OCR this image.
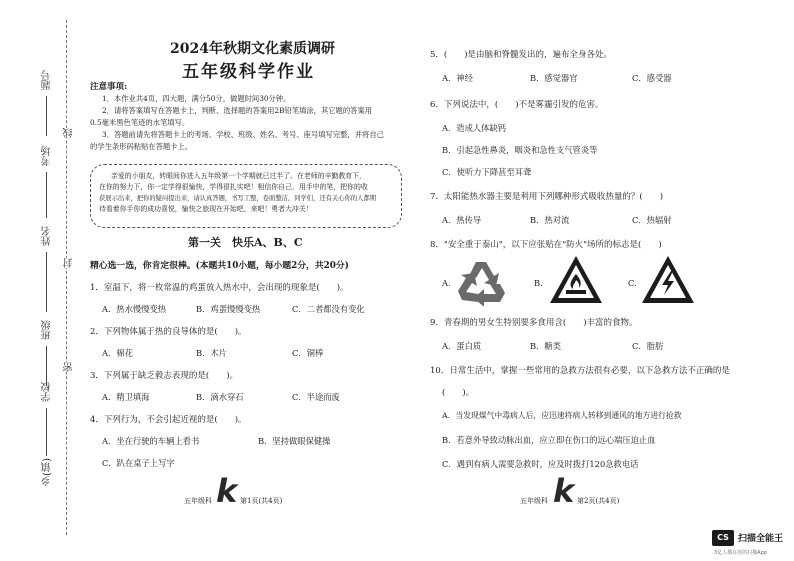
题号
考场
姓名
班级
学校
乡(镇)
线
封
密
2024年秋期文化素质调研
五年级科学作业
注意事项:
1．本作业共4页，四大题，满分50分，做题时间30分钟。
2．请将答案填写在答题卡上，判断、选择题的答案用2B铅笔填涂，其它题的答案用
0.5毫米黑色笔迹的水笔填写。
3．答题前请先将答题卡上的考场、学校、班级、姓名、考号、座号填写完整，并将自己
的学生条形码粘贴在答题卡上。
亲爱的小朋友，转眼间你进入五年级第一个学期就已过半了。在老师的辛勤教育下，
在你的努力下，你一定学得很愉快，学得很扎实吧！相信你自己，用手中的笔，把你的收
获展示出来，把你的疑问提出来，请认真答题，书写工整，卷面整洁，同学们，还有关心你的人都期
待看着你手你的成功喜悦，愉快之旅现在开始吧，来吧！勇者大冲关！
第一关　快乐A、B、C
精心选一选，你肯定很棒。(本题共10小题，每小题2分，共20分)
1．室温下，将一枚常温的鸡蛋放入热水中，会出现的现象是(　　)。
A．热水慢慢变热	B．鸡蛋慢慢变热	C．二者都没有变化
2．下列物体属于热的良导体的是(　　)。
A．棉花	B．木片	C．铜棒
3．下列属于缺乏毅志表现的是(　　)。
A．精卫填海	B．滴水穿石	C．半途而废
4．下列行为，不会引起近视的是(　　)。
A．坐在行驶的车辆上看书	B．坚持做眼保健操
C．趴在桌子上写字
五年级科 k 第1页(共4页)
5．(　　)是由脑和脊髓发出的，遍布全身各处。
A．神经	B．感觉器官	C．感受器
6．下列说法中，(　　)不是雾霾引发的危害。
A．造成人体缺钙
B．引起急性鼻炎，咽炎和急性支气管炎等
C．使听力下降甚至耳聋
7．太阳能热水器主要是利用下列哪种形式吸收热量的？(　　)
A．热传导	B．热对流	C．热辐射
8．"安全重于泰山"，以下应张贴在"防火"场所的标志是(　　)
A.	B.	C.
9．青春期的男女生特别要多食用含(　　)丰富的食物。
A．蛋白质	B．糖类	C．脂肪
10．日常生活中，掌握一些常用的急救方法很有必要，以下急救方法不正确的是
(　　)。
A．当发现煤气中毒病人后，应迅速将病人转移到通风的地方进行抢救
B．若意外导致动脉出血，应立即在伤口的远心端压迫止血
C．遇到有病人需要急救时，应及时拨打120急救电话
五年级科 k 第2页(共4页)
CS	扫描全能王
3亿人都在用的扫描App
